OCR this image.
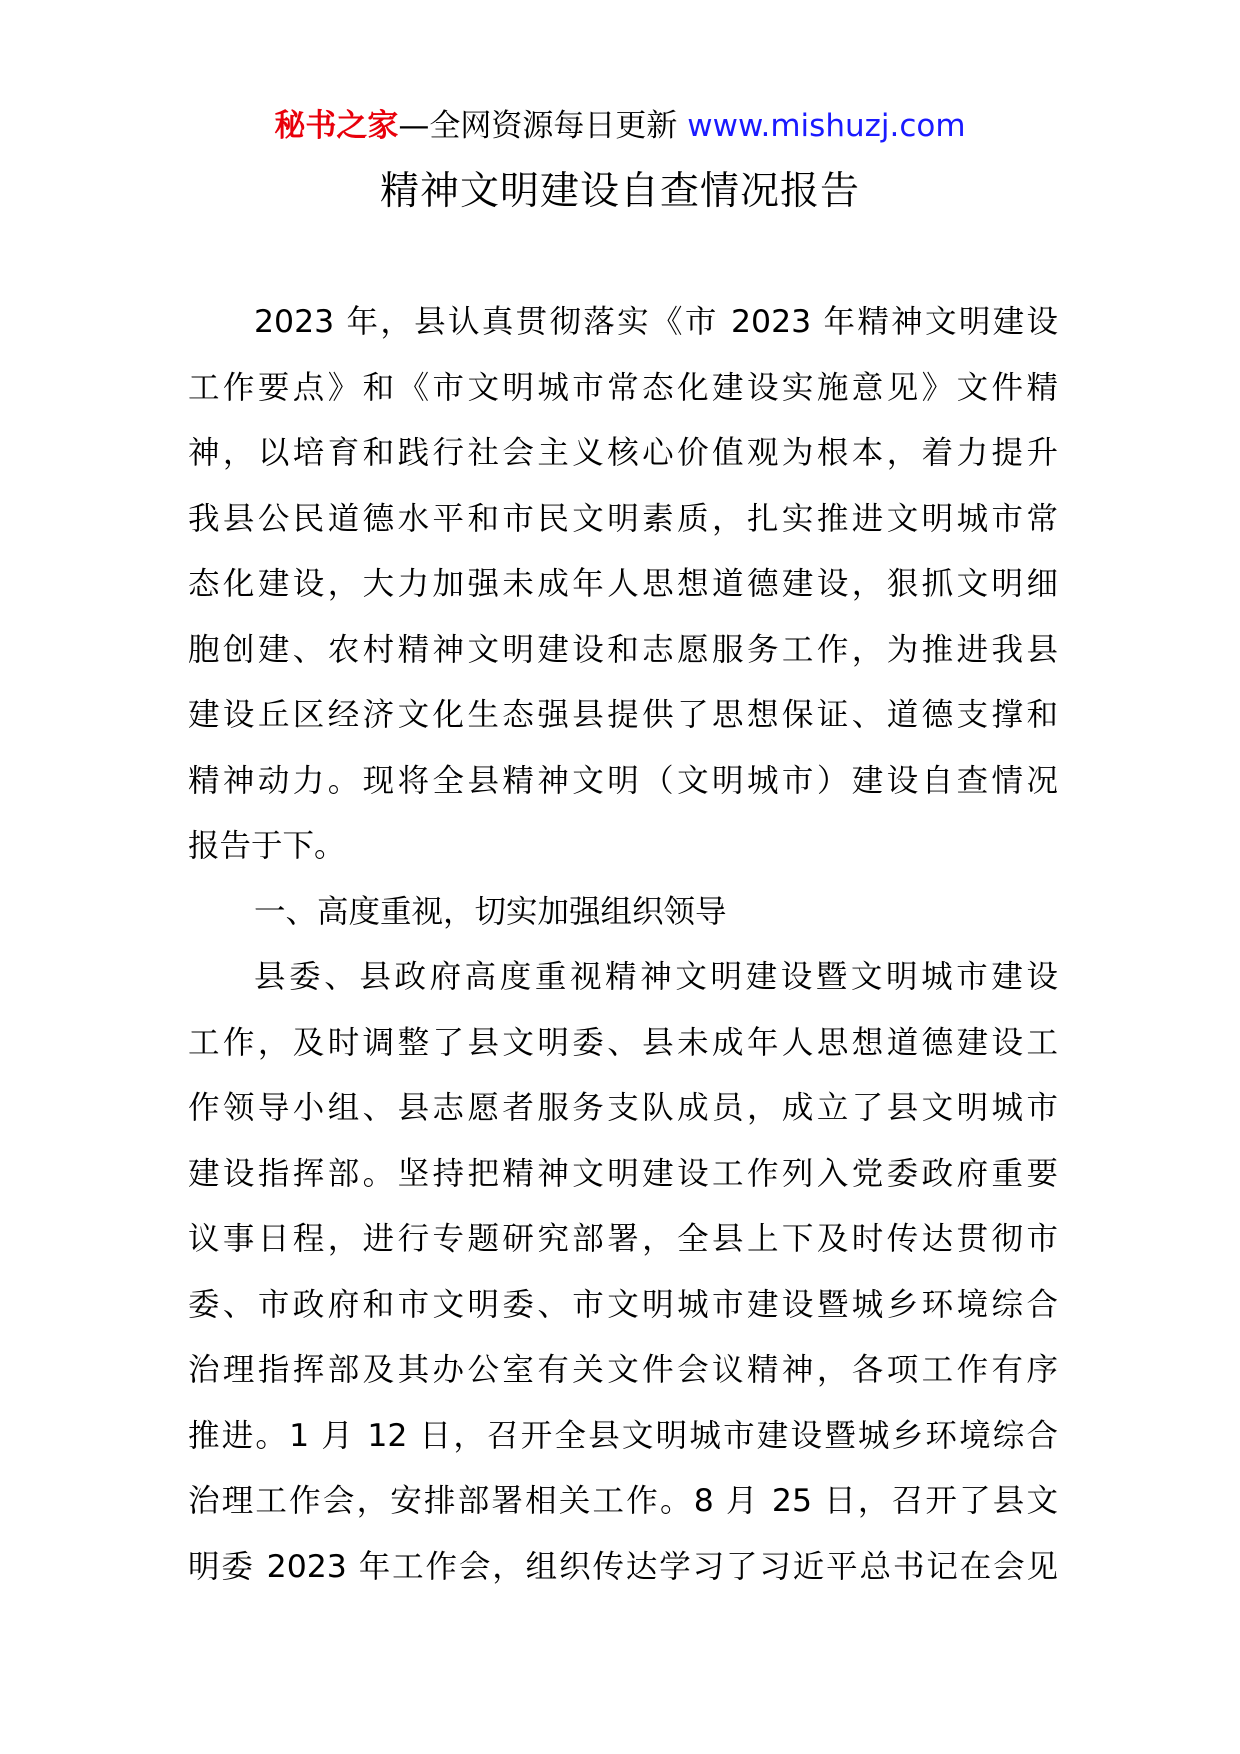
秘书之家—全网资源每日更新 www.mishuzj.com
精神文明建设自查情况报告
2023 年，县认真贯彻落实《市 2023 年精神文明建设
工作要点》和《市文明城市常态化建设实施意见》文件精
神，以培育和践行社会主义核心价值观为根本，着力提升
我县公民道德水平和市民文明素质，扎实推进文明城市常
态化建设，大力加强未成年人思想道德建设，狠抓文明细
胞创建、农村精神文明建设和志愿服务工作，为推进我县
建设丘区经济文化生态强县提供了思想保证、道德支撑和
精神动力。现将全县精神文明（文明城市）建设自查情况
报告于下。
一、高度重视，切实加强组织领导
县委、县政府高度重视精神文明建设暨文明城市建设
工作，及时调整了县文明委、县未成年人思想道德建设工
作领导小组、县志愿者服务支队成员，成立了县文明城市
建设指挥部。坚持把精神文明建设工作列入党委政府重要
议事日程，进行专题研究部署，全县上下及时传达贯彻市
委、市政府和市文明委、市文明城市建设暨城乡环境综合
治理指挥部及其办公室有关文件会议精神，各项工作有序
推进。1 月 12 日，召开全县文明城市建设暨城乡环境综合
治理工作会，安排部署相关工作。8 月 25 日，召开了县文
明委 2023 年工作会，组织传达学习了习近平总书记在会见
